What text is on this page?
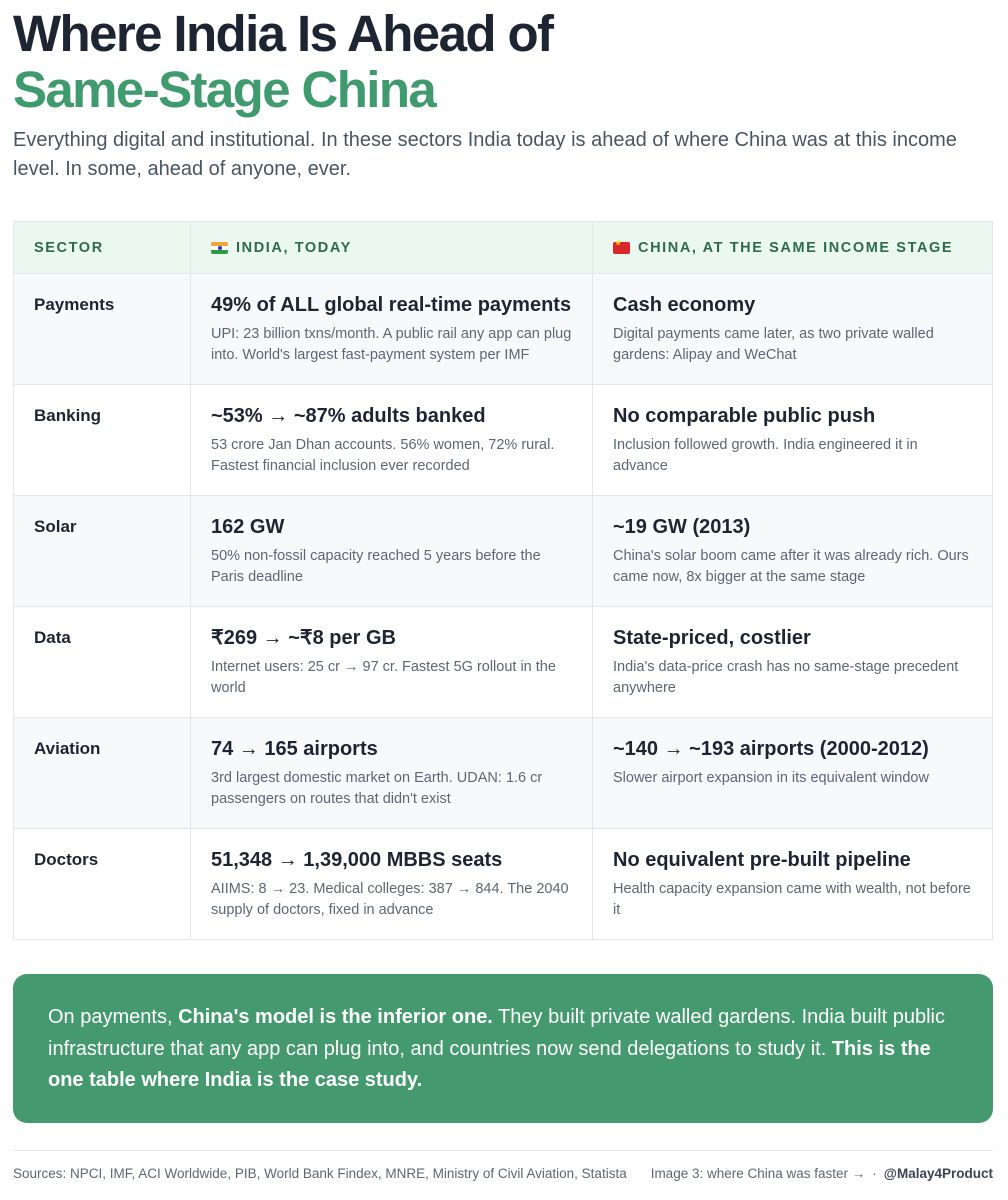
Where India Is Ahead of
Same-Stage China

Everything digital and institutional. In these sectors India today is ahead of where China was at this income level. In some, ahead of anyone, ever.

SECTOR	INDIA, TODAY
★	CHINA, AT THE SAME INCOME STAGE
Payments	49% of ALL global real-time payments
UPI: 23 billion txns/month. A public rail any app can plug into. World's largest fast-payment system per IMF
Cash economy
Digital payments came later, as two private walled gardens: Alipay and WeChat
Banking	~53% → ~87% adults banked
53 crore Jan Dhan accounts. 56% women, 72% rural. Fastest financial inclusion ever recorded
No comparable public push
Inclusion followed growth. India engineered it in advance
Solar	162 GW
50% non-fossil capacity reached 5 years before the Paris deadline
~19 GW (2013)
China's solar boom came after it was already rich. Ours came now, 8x bigger at the same stage
Data	₹269 → ~₹8 per GB
Internet users: 25 cr → 97 cr. Fastest 5G rollout in the world
State-priced, costlier
India's data-price crash has no same-stage precedent anywhere
Aviation	74 → 165 airports
3rd largest domestic market on Earth. UDAN: 1.6 cr passengers on routes that didn't exist
~140 → ~193 airports (2000-2012)
Slower airport expansion in its equivalent window
Doctors	51,348 → 1,39,000 MBBS seats
AIIMS: 8 → 23. Medical colleges: 387 → 844. The 2040 supply of doctors, fixed in advance
No equivalent pre-built pipeline
Health capacity expansion came with wealth, not before it
On payments, China's model is the inferior one. They built private walled gardens. India built public infrastructure that any app can plug into, and countries now send delegations to study it. This is the one table where India is the case study.
Sources: NPCI, IMF, ACI Worldwide, PIB, World Bank Findex, MNRE, Ministry of Civil Aviation, Statista Image 3: where China was faster → · @Malay4Product
